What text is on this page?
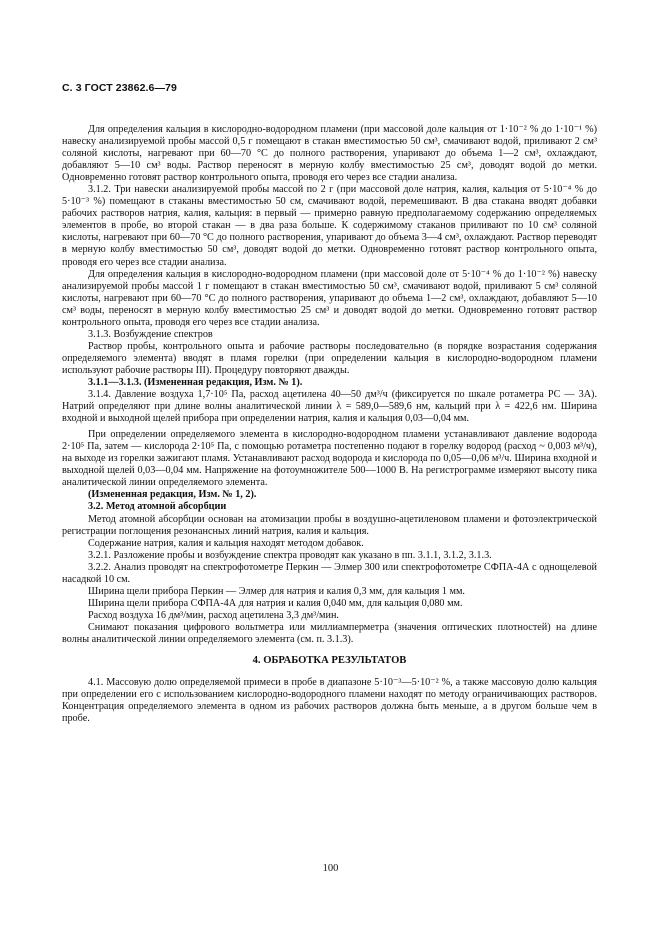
С. 3 ГОСТ 23862.6—79

Для определения кальция в кислородно-водородном пламени (при массовой доле кальция от 1·10⁻² % до 1·10⁻¹ %) навеску анализируемой пробы массой 0,5 г помещают в стакан вместимостью 50 см³, смачивают водой, приливают 2 см³ соляной кислоты, нагревают при 60—70 °C до полного растворения, упаривают до объема 1—2 см³, охлаждают, добавляют 5—10 см³ воды. Раствор переносят в мерную колбу вместимостью 25 см³, доводят водой до метки. Одновременно готовят раствор контрольного опыта, проводя его через все стадии анализа.

3.1.2. Три навески анализируемой пробы массой по 2 г (при массовой доле натрия, калия, кальция от 5·10⁻⁴ % до 5·10⁻³ %) помещают в стаканы вместимостью 50 см, смачивают водой, перемешивают. В два стакана вводят добавки рабочих растворов натрия, калия, кальция: в первый — примерно равную предполагаемому содержанию определяемых элементов в пробе, во второй стакан — в два раза больше. К содержимому стаканов приливают по 10 см³ соляной кислоты, нагревают при 60—70 °C до полного растворения, упаривают до объема 3—4 см³, охлаждают. Раствор переводят в мерную колбу вместимостью 50 см³, доводят водой до метки. Одновременно готовят раствор контрольного опыта, проводя его через все стадии анализа.

Для определения кальция в кислородно-водородном пламени (при массовой доле от 5·10⁻⁴ % до 1·10⁻² %) навеску анализируемой пробы массой 1 г помещают в стакан вместимостью 50 см³, смачивают водой, приливают 5 см³ соляной кислоты, нагревают при 60—70 °C до полного растворения, упаривают до объема 1—2 см³, охлаждают, добавляют 5—10 см³ воды, переносят в мерную колбу вместимостью 25 см³ и доводят водой до метки. Одновременно готовят раствор контрольного опыта, проводя его через все стадии анализа.

3.1.3. Возбуждение спектров

Раствор пробы, контрольного опыта и рабочие растворы последовательно (в порядке возрастания содержания определяемого элемента) вводят в пламя горелки (при определении кальция в кислородно-водородном пламени используют рабочие растворы III). Процедуру повторяют дважды.

3.1.1—3.1.3. (Измененная редакция, Изм. № 1).

3.1.4. Давление воздуха 1,7·10⁵ Па, расход ацетилена 40—50 дм³/ч (фиксируется по шкале ротаметра РС — 3А). Натрий определяют при длине волны аналитической линии λ = 589,0—589,6 нм, кальций при λ = 422,6 нм. Ширина входной и выходной щелей прибора при определении натрия, калия и кальция 0,03—0,04 мм.

При определении определяемого элемента в кислородно-водородном пламени устанавливают давление водорода 2·10⁵ Па, затем — кислорода 2·10⁵ Па, с помощью ротаметра постепенно подают в горелку водород (расход ~ 0,003 м³/ч), на выходе из горелки зажигают пламя. Устанавливают расход водорода и кислорода по 0,05—0,06 м³/ч. Ширина входной и выходной щелей 0,03—0,04 мм. Напряжение на фотоумножителе 500—1000 В. На регистрограмме измеряют высоту пика аналитической линии определяемого элемента.

(Измененная редакция, Изм. № 1, 2).

3.2. Метод атомной абсорбции

Метод атомной абсорбции основан на атомизации пробы в воздушно-ацетиленовом пламени и фотоэлектрической регистрации поглощения резонансных линий натрия, калия и кальция.

Содержание натрия, калия и кальция находят методом добавок.

3.2.1. Разложение пробы и возбуждение спектра проводят как указано в пп. 3.1.1, 3.1.2, 3.1.3.

3.2.2. Анализ проводят на спектрофотометре Перкин — Элмер 300 или спектрофотометре СФПА-4А с однощелевой насадкой 10 см.

Ширина щели прибора Перкин — Элмер для натрия и калия 0,3 мм, для кальция 1 мм.

Ширина щели прибора СФПА-4А для натрия и калия 0,040 мм, для кальция 0,080 мм.

Расход воздуха 16 дм³/мин, расход ацетилена 3,3 дм³/мин.

Снимают показания цифрового вольтметра или миллиамперметра (значения оптических плотностей) на длине волны аналитической линии определяемого элемента (см. п. 3.1.3).

4. ОБРАБОТКА РЕЗУЛЬТАТОВ

4.1. Массовую долю определяемой примеси в пробе в диапазоне 5·10⁻³—5·10⁻² %, а также массовую долю кальция при определении его с использованием кислородно-водородного пламени находят по методу ограничивающих растворов. Концентрация определяемого элемента в одном из рабочих растворов должна быть меньше, а в другом больше чем в пробе.

100
